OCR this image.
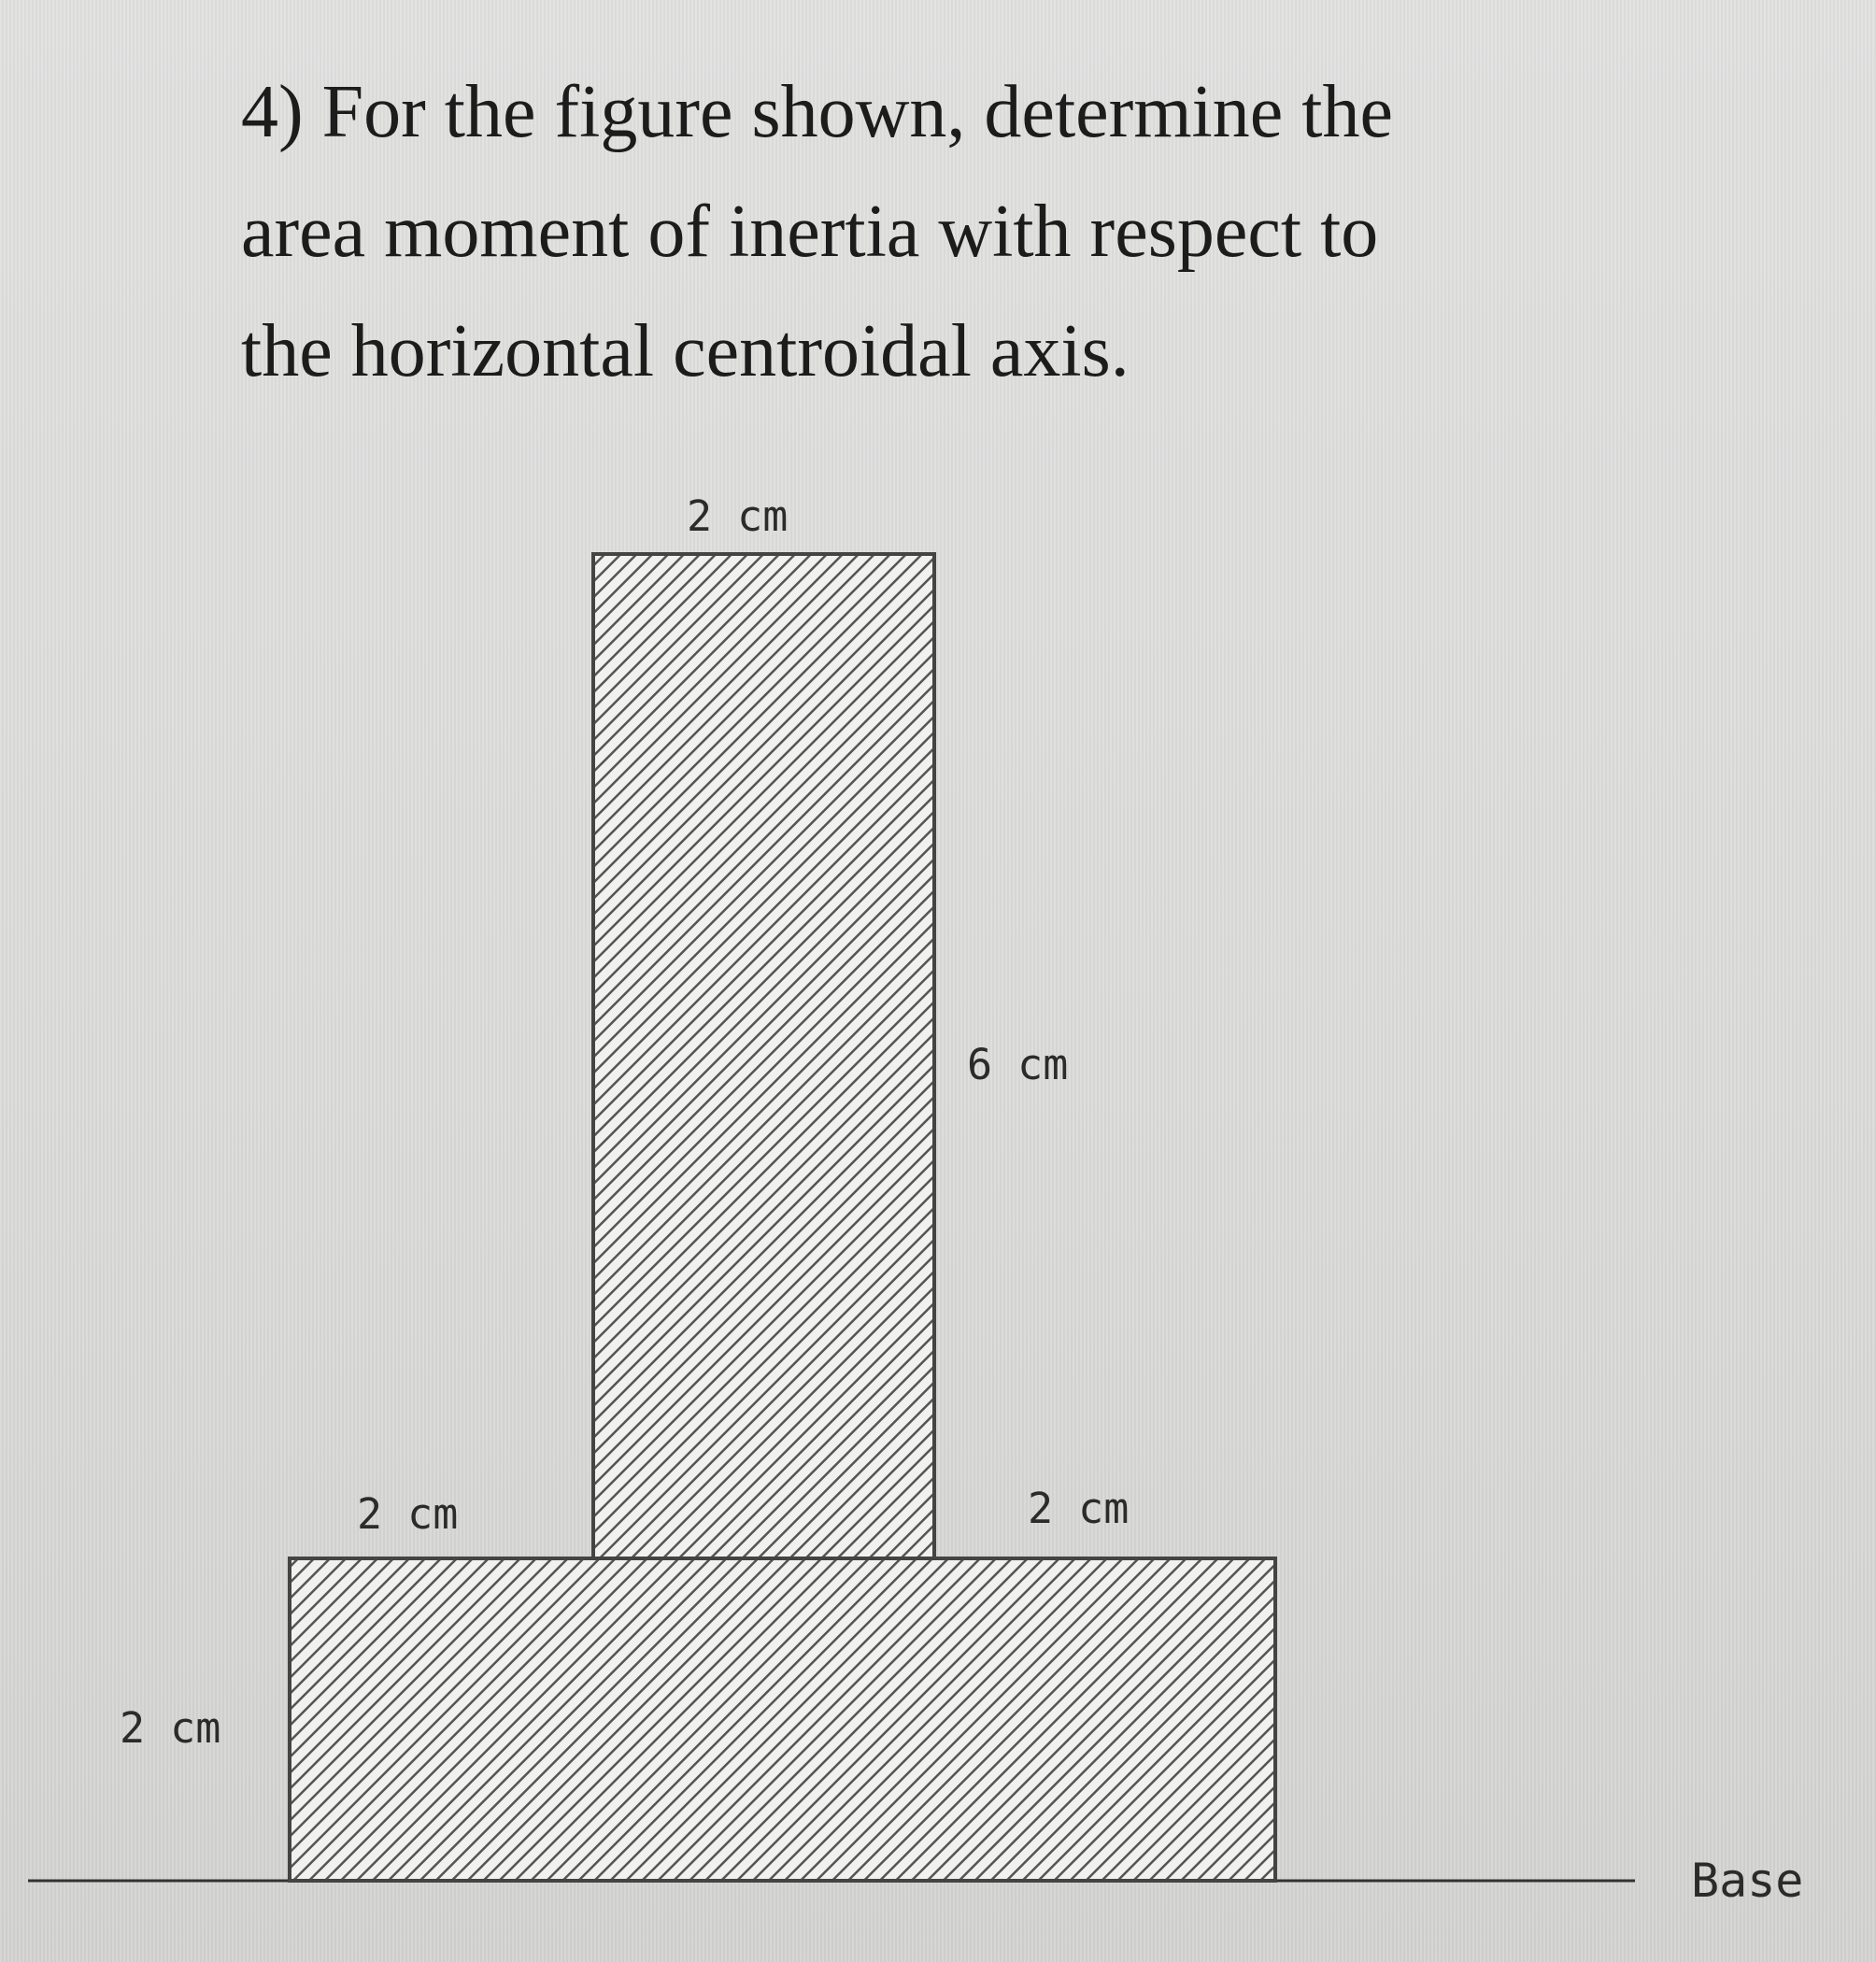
4) For the figure shown, determine the
area moment of inertia with respect to
the horizontal centroidal axis.

2 cm
6 cm
2 cm	2 cm
2 cm
Base
